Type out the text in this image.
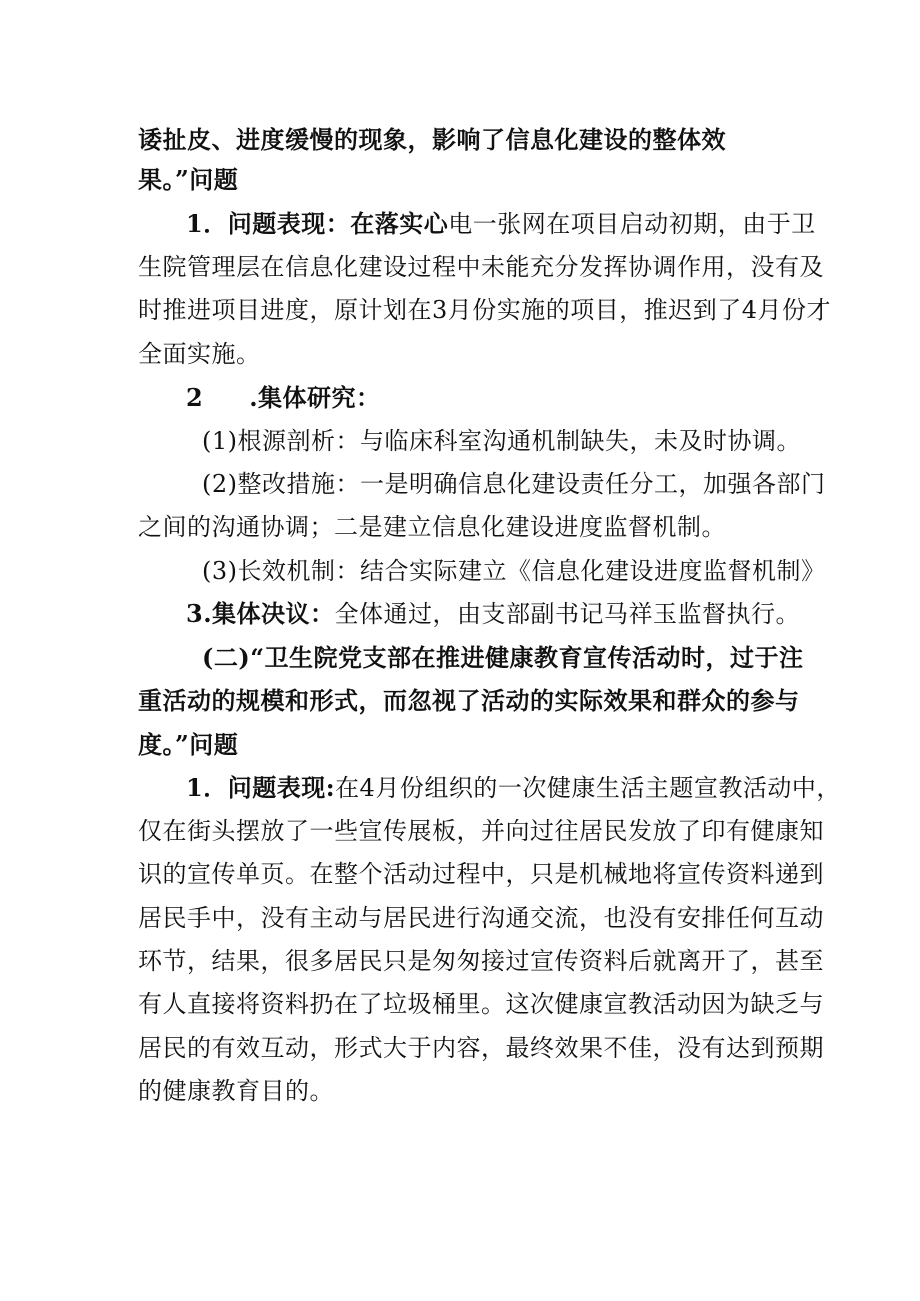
诿扯皮、进度缓慢的现象，影响了信息化建设的整体效
果。”问题
1．问题表现：在落实心电一张网在项目启动初期，由于卫
生院管理层在信息化建设过程中未能充分发挥协调作用，没有及
时推进项目进度，原计划在3月份实施的项目，推迟到了4月份才
全面实施。
2 .集体研究：
(1)根源剖析：与临床科室沟通机制缺失，未及时协调。
(2)整改措施：一是明确信息化建设责任分工，加强各部门
之间的沟通协调；二是建立信息化建设进度监督机制。
(3)长效机制：结合实际建立《信息化建设进度监督机制》
3.集体决议：全体通过，由支部副书记马祥玉监督执行。
(二)“卫生院党支部在推进健康教育宣传活动时，过于注
重活动的规模和形式，而忽视了活动的实际效果和群众的参与
度。”问题
1．问题表现:在4月份组织的一次健康生活主题宣教活动中，
仅在街头摆放了一些宣传展板，并向过往居民发放了印有健康知
识的宣传单页。在整个活动过程中，只是机械地将宣传资料递到
居民手中，没有主动与居民进行沟通交流，也没有安排任何互动
环节，结果，很多居民只是匆匆接过宣传资料后就离开了，甚至
有人直接将资料扔在了垃圾桶里。这次健康宣教活动因为缺乏与
居民的有效互动，形式大于内容，最终效果不佳，没有达到预期
的健康教育目的。
